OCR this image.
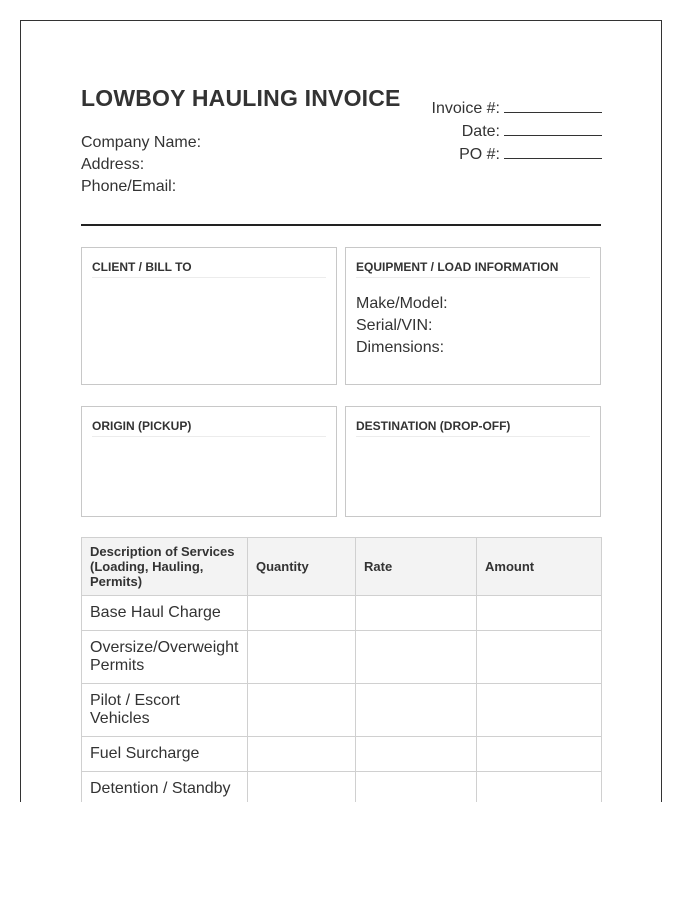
LOWBOY HAULING INVOICE
Company Name:
Address:
Phone/Email:
Invoice #:
Date:
PO #:
CLIENT / BILL TO	EQUIPMENT / LOAD INFORMATION
Make/Model:
Serial/VIN:
Dimensions:
ORIGIN (PICKUP)	DESTINATION (DROP-OFF)
Description of Services (Loading, Hauling, Permits)	Quantity	Rate	Amount
Base Haul Charge			
Oversize/Overweight Permits			
Pilot / Escort Vehicles			
Fuel Surcharge			
Detention / Standby			
